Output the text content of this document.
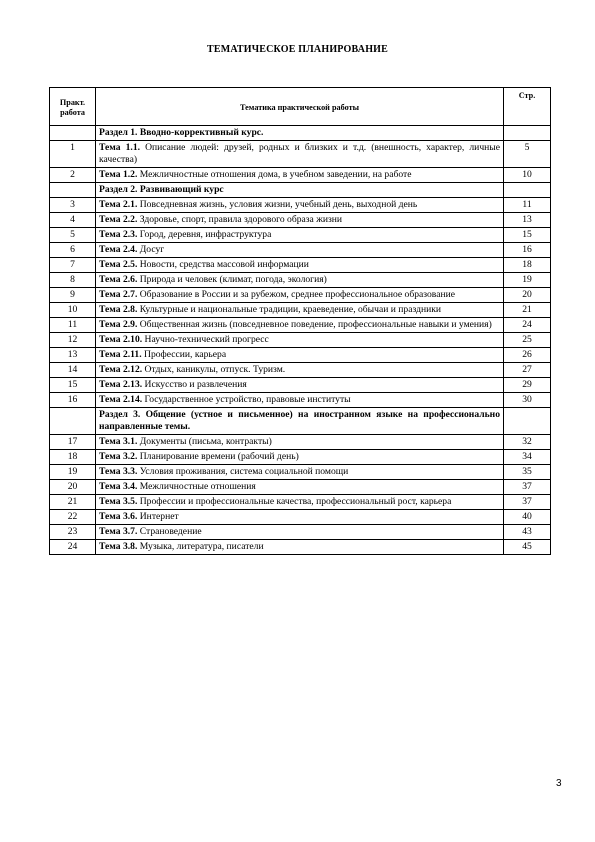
ТЕМАТИЧЕСКОЕ ПЛАНИРОВАНИЕ
Практ. работа	Тематика практической работы	Стр.
	Раздел 1. Вводно-коррективный курс.	
1	Тема 1.1. Описание людей: друзей, родных и близких и т.д. (внешность, характер, личные качества)	5
2	Тема 1.2. Межличностные отношения дома, в учебном заведении, на работе	10
	Раздел 2. Развивающий курс	
3	Тема 2.1. Повседневная жизнь, условия жизни, учебный день, выходной день	11
4	Тема 2.2. Здоровье, спорт, правила здорового образа жизни	13
5	Тема 2.3. Город, деревня, инфраструктура	15
6	Тема 2.4. Досуг	16
7	Тема 2.5. Новости, средства массовой информации	18
8	Тема 2.6. Природа и человек (климат, погода, экология)	19
9	Тема 2.7. Образование в России и за рубежом, среднее профессиональное образование	20
10	Тема 2.8. Культурные и национальные традиции, краеведение, обычаи и праздники	21
11	Тема 2.9. Общественная жизнь (повседневное поведение, профессиональные навыки и умения)	24
12	Тема 2.10. Научно-технический прогресс	25
13	Тема 2.11. Профессии, карьера	26
14	Тема 2.12. Отдых, каникулы, отпуск. Туризм.	27
15	Тема 2.13. Искусство и развлечения	29
16	Тема 2.14. Государственное устройство, правовые институты	30
	Раздел 3. Общение (устное и письменное) на иностранном языке на профессионально направленные темы.	
17	Тема 3.1. Документы (письма, контракты)	32
18	Тема 3.2. Планирование времени (рабочий день)	34
19	Тема 3.3. Условия проживания, система социальной помощи	35
20	Тема 3.4. Межличностные отношения	37
21	Тема 3.5. Профессии и профессиональные качества, профессиональный рост, карьера	37
22	Тема 3.6. Интернет	40
23	Тема 3.7. Страноведение	43
24	Тема 3.8. Музыка, литература, писатели	45
3
